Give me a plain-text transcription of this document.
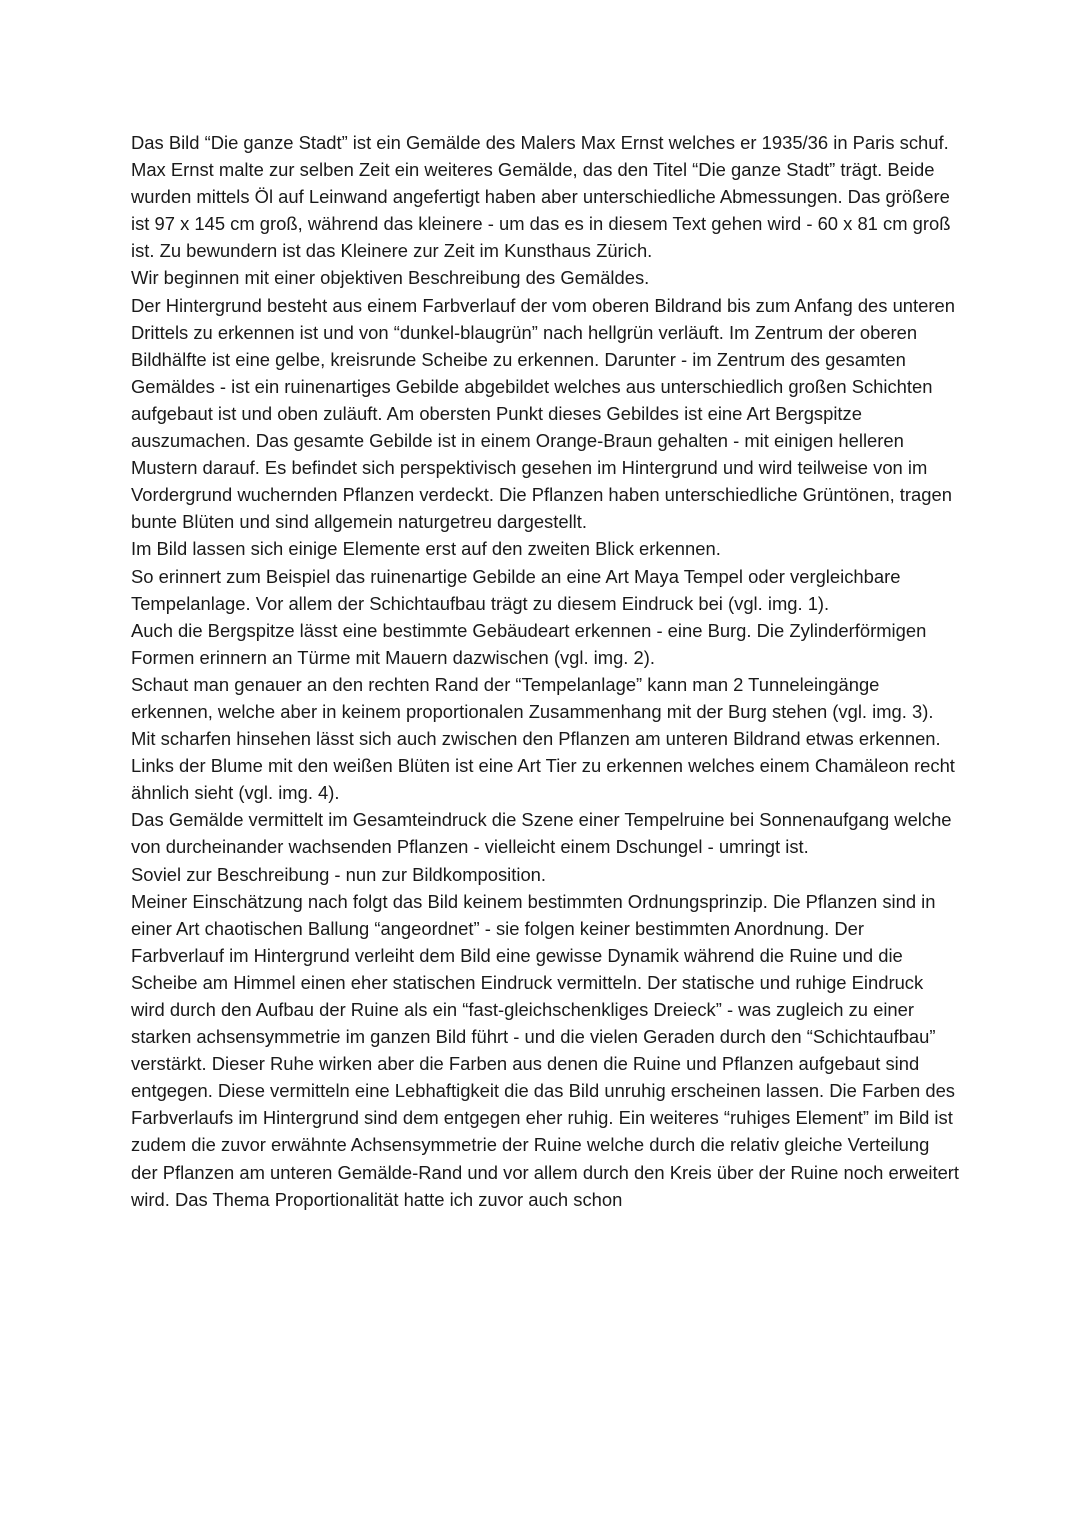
Das Bild “Die ganze Stadt” ist ein Gemälde des Malers Max Ernst welches er 1935/36 in Paris schuf. Max Ernst malte zur selben Zeit ein weiteres Gemälde, das den Titel “Die ganze Stadt” trägt. Beide wurden mittels Öl auf Leinwand angefertigt haben aber unterschiedliche Abmessungen. Das größere ist 97 x 145 cm groß, während das kleinere - um das es in diesem Text gehen wird - 60 x 81 cm groß ist. Zu bewundern ist das Kleinere zur Zeit im Kunsthaus Zürich.

Wir beginnen mit einer objektiven Beschreibung des Gemäldes.

Der Hintergrund besteht aus einem Farbverlauf der vom oberen Bildrand bis zum Anfang des unteren Drittels zu erkennen ist und von “dunkel-blaugrün” nach hellgrün verläuft. Im Zentrum der oberen Bildhälfte ist eine gelbe, kreisrunde Scheibe zu erkennen. Darunter - im Zentrum des gesamten Gemäldes - ist ein ruinenartiges Gebilde abgebildet welches aus unterschiedlich großen Schichten aufgebaut ist und oben zuläuft. Am obersten Punkt dieses Gebildes ist eine Art Bergspitze auszumachen. Das gesamte Gebilde ist in einem Orange-Braun gehalten - mit einigen helleren Mustern darauf. Es befindet sich perspektivisch gesehen im Hintergrund und wird teilweise von im Vordergrund wuchernden Pflanzen verdeckt. Die Pflanzen haben unterschiedliche Grüntönen, tragen bunte Blüten und sind allgemein naturgetreu dargestellt.

Im Bild lassen sich einige Elemente erst auf den zweiten Blick erkennen.

So erinnert zum Beispiel das ruinenartige Gebilde an eine Art Maya Tempel oder vergleichbare Tempelanlage. Vor allem der Schichtaufbau trägt zu diesem Eindruck bei (vgl. img. 1).

Auch die Bergspitze lässt eine bestimmte Gebäudeart erkennen - eine Burg. Die Zylinderförmigen Formen erinnern an Türme mit Mauern dazwischen (vgl. img. 2).

Schaut man genauer an den rechten Rand der “Tempelanlage” kann man 2 Tunneleingänge erkennen, welche aber in keinem proportionalen Zusammenhang mit der Burg stehen (vgl. img. 3).

Mit scharfen hinsehen lässt sich auch zwischen den Pflanzen am unteren Bildrand etwas erkennen. Links der Blume mit den weißen Blüten ist eine Art Tier zu erkennen welches einem Chamäleon recht ähnlich sieht (vgl. img. 4).

Das Gemälde vermittelt im Gesamteindruck die Szene einer Tempelruine bei Sonnenaufgang welche von durcheinander wachsenden Pflanzen - vielleicht einem Dschungel - umringt ist.

Soviel zur Beschreibung - nun zur Bildkomposition.

Meiner Einschätzung nach folgt das Bild keinem bestimmten Ordnungsprinzip. Die Pflanzen sind in einer Art chaotischen Ballung “angeordnet” - sie folgen keiner bestimmten Anordnung. Der Farbverlauf im Hintergrund verleiht dem Bild eine gewisse Dynamik während die Ruine und die Scheibe am Himmel einen eher statischen Eindruck vermitteln. Der statische und ruhige Eindruck wird durch den Aufbau der Ruine als ein “fast-gleichschenkliges Dreieck” - was zugleich zu einer starken achsensymmetrie im ganzen Bild führt - und die vielen Geraden durch den “Schichtaufbau” verstärkt. Dieser Ruhe wirken aber die Farben aus denen die Ruine und Pflanzen aufgebaut sind entgegen. Diese vermitteln eine Lebhaftigkeit die das Bild unruhig erscheinen lassen. Die Farben des Farbverlaufs im Hintergrund sind dem entgegen eher ruhig. Ein weiteres “ruhiges Element” im Bild ist zudem die zuvor erwähnte Achsensymmetrie der Ruine welche durch die relativ gleiche Verteilung der Pflanzen am unteren Gemälde-Rand und vor allem durch den Kreis über der Ruine noch erweitert wird. Das Thema Proportionalität hatte ich zuvor auch schon
